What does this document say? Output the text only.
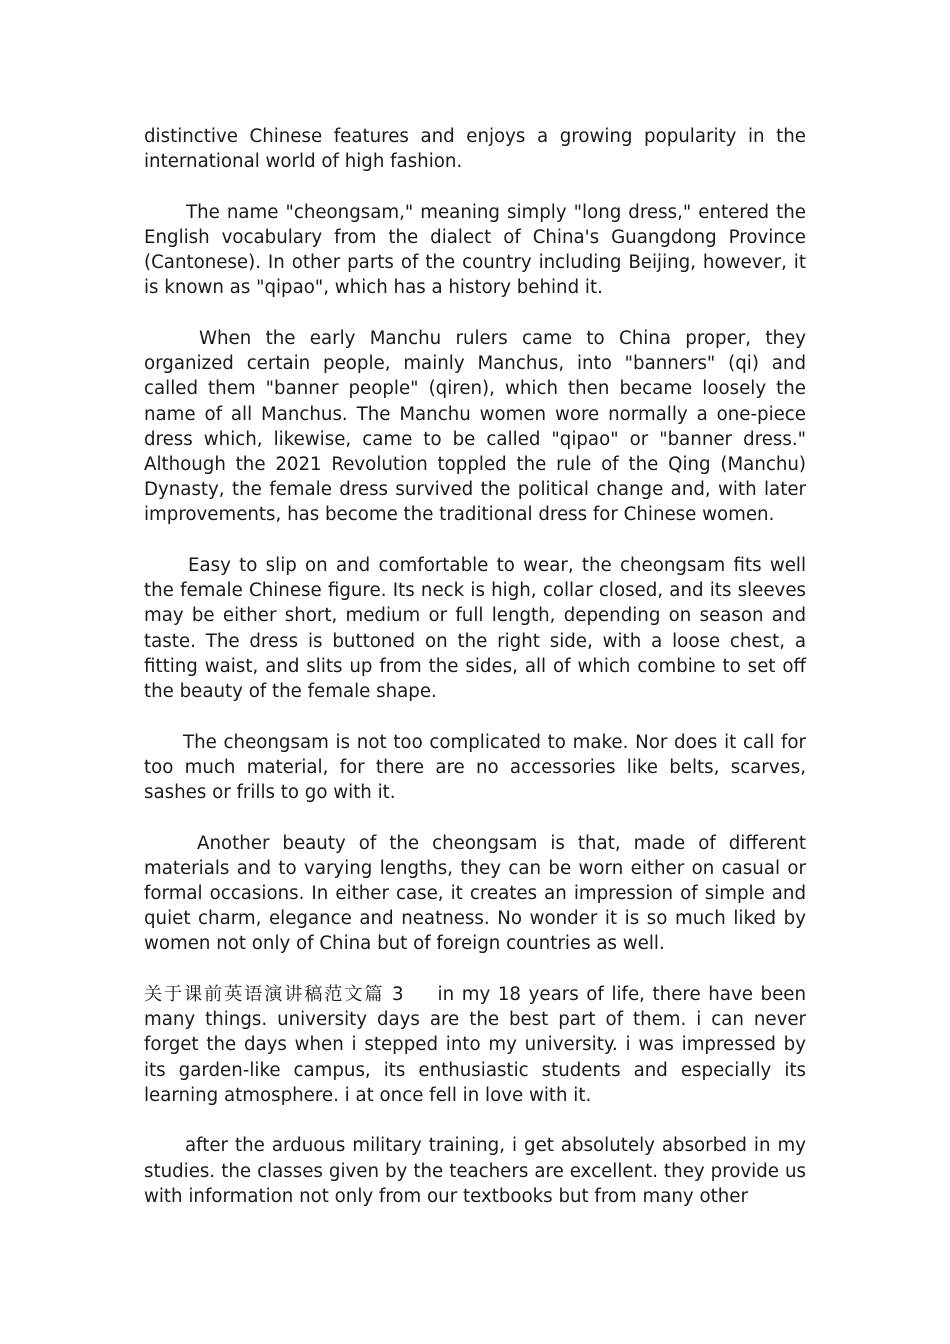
distinctive Chinese features and enjoys a growing popularity in the international world of high fashion.

The name "cheongsam," meaning simply "long dress," entered the English vocabulary from the dialect of China's Guangdong Province (Cantonese). In other parts of the country including Beijing, however, it is known as "qipao", which has a history behind it.

When the early Manchu rulers came to China proper, they organized certain people, mainly Manchus, into "banners" (qi) and called them "banner people" (qiren), which then became loosely the name of all Manchus. The Manchu women wore normally a one-piece dress which, likewise, came to be called "qipao" or "banner dress." Although the 2021 Revolution toppled the rule of the Qing (Manchu) Dynasty, the female dress survived the political change and, with later improvements, has become the traditional dress for Chinese women.

Easy to slip on and comfortable to wear, the cheongsam fits well the female Chinese figure. Its neck is high, collar closed, and its sleeves may be either short, medium or full length, depending on season and taste. The dress is buttoned on the right side, with a loose chest, a fitting waist, and slits up from the sides, all of which combine to set off the beauty of the female shape.

The cheongsam is not too complicated to make. Nor does it call for too much material, for there are no accessories like belts, scarves, sashes or frills to go with it.

Another beauty of the cheongsam is that, made of different materials and to varying lengths, they can be worn either on casual or formal occasions. In either case, it creates an impression of simple and quiet charm, elegance and neatness. No wonder it is so much liked by women not only of China but of foreign countries as well.

关于课前英语演讲稿范文篇 3 in my 18 years of life, there have been many things. university days are the best part of them. i can never forget the days when i stepped into my university. i was impressed by its garden-like campus, its enthusiastic students and especially its learning atmosphere. i at once fell in love with it.

after the arduous military training, i get absolutely absorbed in my studies. the classes given by the teachers are excellent. they provide us with information not only from our textbooks but from many other
